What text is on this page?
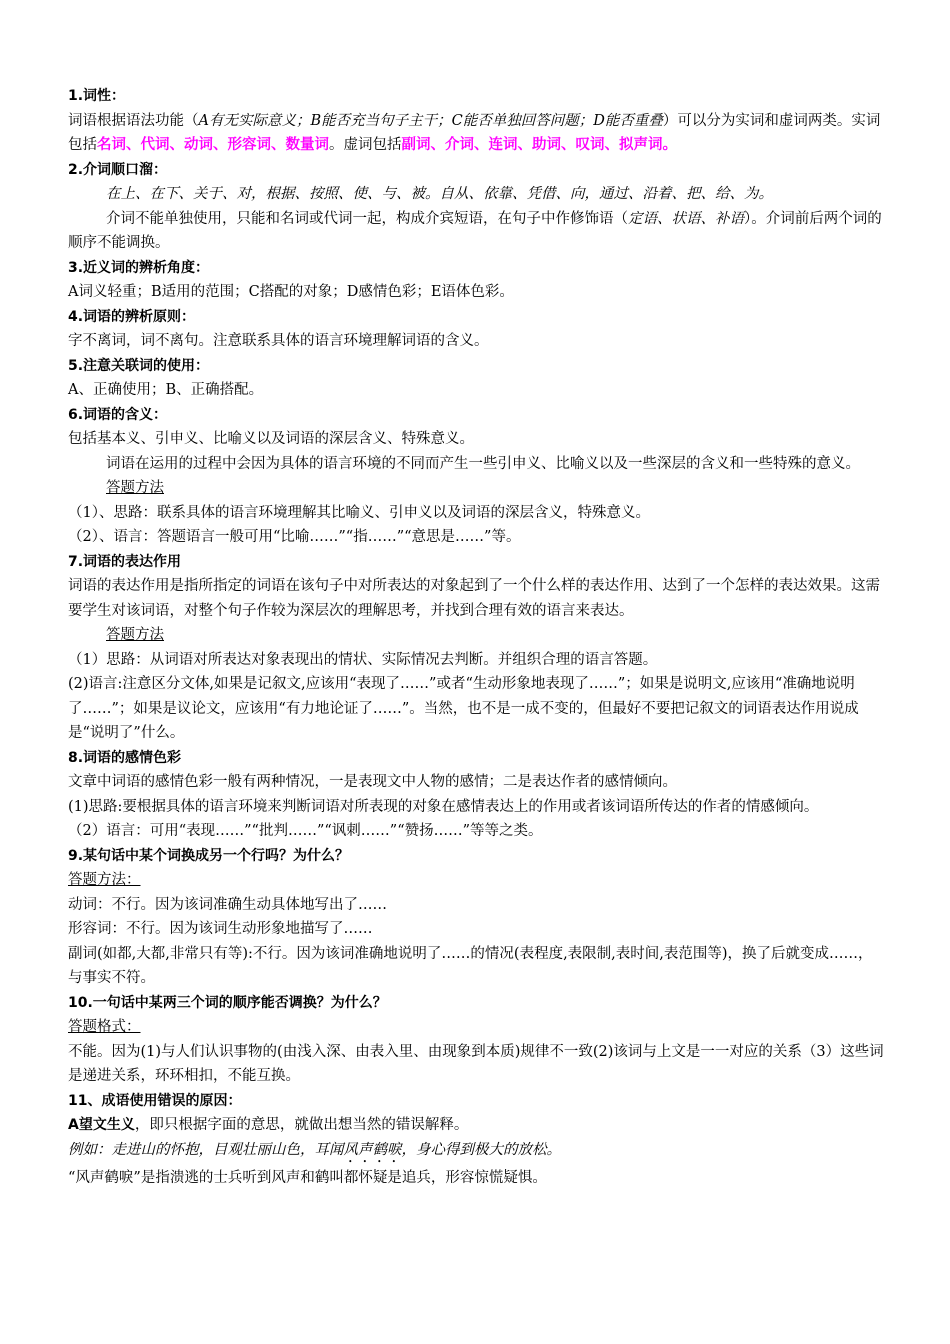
1.词性：
词语根据语法功能（A有无实际意义；B能否充当句子主干；C能否单独回答问题；D能否重叠）可以分为实词和虚词两类。实词包括名词、代词、动词、形容词、数量词。虚词包括副词、介词、连词、助词、叹词、拟声词。
2.介词顺口溜：
在上、在下、关于、对，根据、按照、使、与、被。自从、依靠、凭借、向，通过、沿着、把、给、为。
介词不能单独使用，只能和名词或代词一起，构成介宾短语，在句子中作修饰语（定语、状语、补语）。介词前后两个词的顺序不能调换。
3.近义词的辨析角度：
A词义轻重；B适用的范围；C搭配的对象；D感情色彩；E语体色彩。
4.词语的辨析原则：
字不离词，词不离句。注意联系具体的语言环境理解词语的含义。
5.注意关联词的使用：
A、正确使用；B、正确搭配。
6.词语的含义：
包括基本义、引申义、比喻义以及词语的深层含义、特殊意义。
词语在运用的过程中会因为具体的语言环境的不同而产生一些引申义、比喻义以及一些深层的含义和一些特殊的意义。
答题方法
（1）、思路：联系具体的语言环境理解其比喻义、引申义以及词语的深层含义，特殊意义。
（2）、语言：答题语言一般可用“比喻……”“指……”“意思是……”等。
7.词语的表达作用
词语的表达作用是指所指定的词语在该句子中对所表达的对象起到了一个什么样的表达作用、达到了一个怎样的表达效果。这需要学生对该词语，对整个句子作较为深层次的理解思考，并找到合理有效的语言来表达。
答题方法
（1）思路：从词语对所表达对象表现出的情状、实际情况去判断。并组织合理的语言答题。
(2)语言:注意区分文体,如果是记叙文,应该用“表现了……”或者“生动形象地表现了……”；如果是说明文,应该用“准确地说明了……”；如果是议论文，应该用“有力地论证了……”。当然，也不是一成不变的，但最好不要把记叙文的词语表达作用说成是“说明了”什么。
8.词语的感情色彩
文章中词语的感情色彩一般有两种情况，一是表现文中人物的感情；二是表达作者的感情倾向。
(1)思路:要根据具体的语言环境来判断词语对所表现的对象在感情表达上的作用或者该词语所传达的作者的情感倾向。
（2）语言：可用“表现……”“批判……”“讽刺……”“赞扬……”等等之类。
9.某句话中某个词换成另一个行吗？为什么？
答题方法：
动词：不行。因为该词准确生动具体地写出了……
形容词：不行。因为该词生动形象地描写了……
副词(如都,大都,非常只有等):不行。因为该词准确地说明了……的情况(表程度,表限制,表时间,表范围等)，换了后就变成……，与事实不符。
10.一句话中某两三个词的顺序能否调换？为什么？
答题格式：
不能。因为(1)与人们认识事物的(由浅入深、由表入里、由现象到本质)规律不一致(2)该词与上文是一一对应的关系（3）这些词是递进关系，环环相扣，不能互换。
11、成语使用错误的原因：
A望文生义，即只根据字面的意思，就做出想当然的错误解释。
例如：走进山的怀抱，目观壮丽山色，耳闻风声鹤唳，身心得到极大的放松。
“风声鹤唳”是指溃逃的士兵听到风声和鹤叫都怀疑是追兵，形容惊慌疑惧。
